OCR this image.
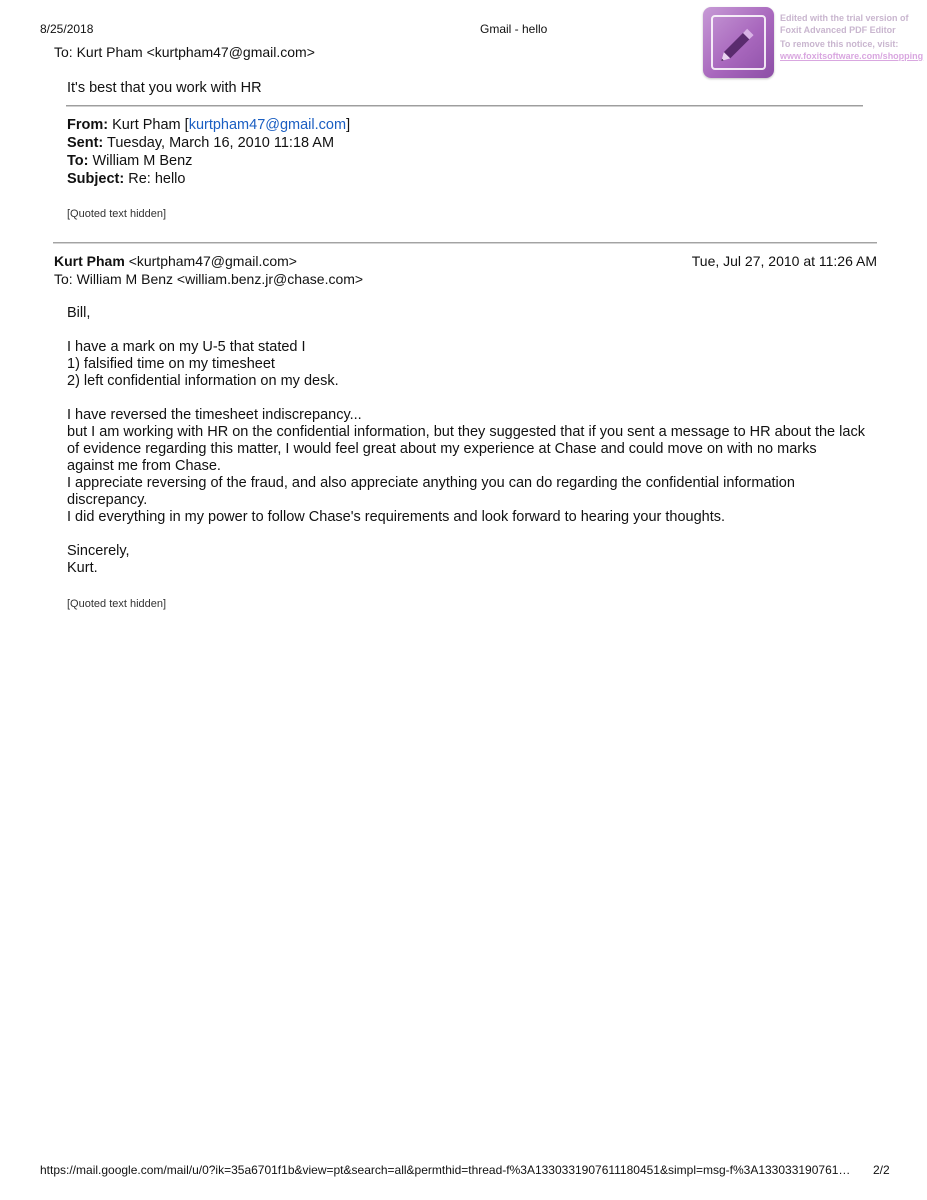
8/25/2018	Gmail - hello
To: Kurt Pham <kurtpham47@gmail.com>
Edited with the trial version of
Foxit Advanced PDF Editor
To remove this notice, visit:
www.foxitsoftware.com/shopping
It's best that you work with HR
From: Kurt Pham [kurtpham47@gmail.com]
Sent: Tuesday, March 16, 2010 11:18 AM
To: William M Benz
Subject: Re: hello
[Quoted text hidden]
Kurt Pham <kurtpham47@gmail.com>	Tue, Jul 27, 2010 at 11:26 AM
To: William M Benz <william.benz.jr@chase.com>

Bill,

I have a mark on my U-5 that stated I

1) falsified time on my timesheet

2) left confidential information on my desk.

I have reversed the timesheet indiscrepancy...

but I am working with HR on the confidential information, but they suggested that if you sent a message to HR about the lack of evidence regarding this matter, I would feel great about my experience at Chase and could move on with no marks against me from Chase.

I appreciate reversing of the fraud, and also appreciate anything you can do regarding the confidential information discrepancy.

I did everything in my power to follow Chase's requirements and look forward to hearing your thoughts.

Sincerely,

Kurt.

[Quoted text hidden]
https://mail.google.com/mail/u/0?ik=35a6701f1b&view=pt&search=all&permthid=thread-f%3A1330331907611180451&simpl=msg-f%3A133033190761… 2/2
